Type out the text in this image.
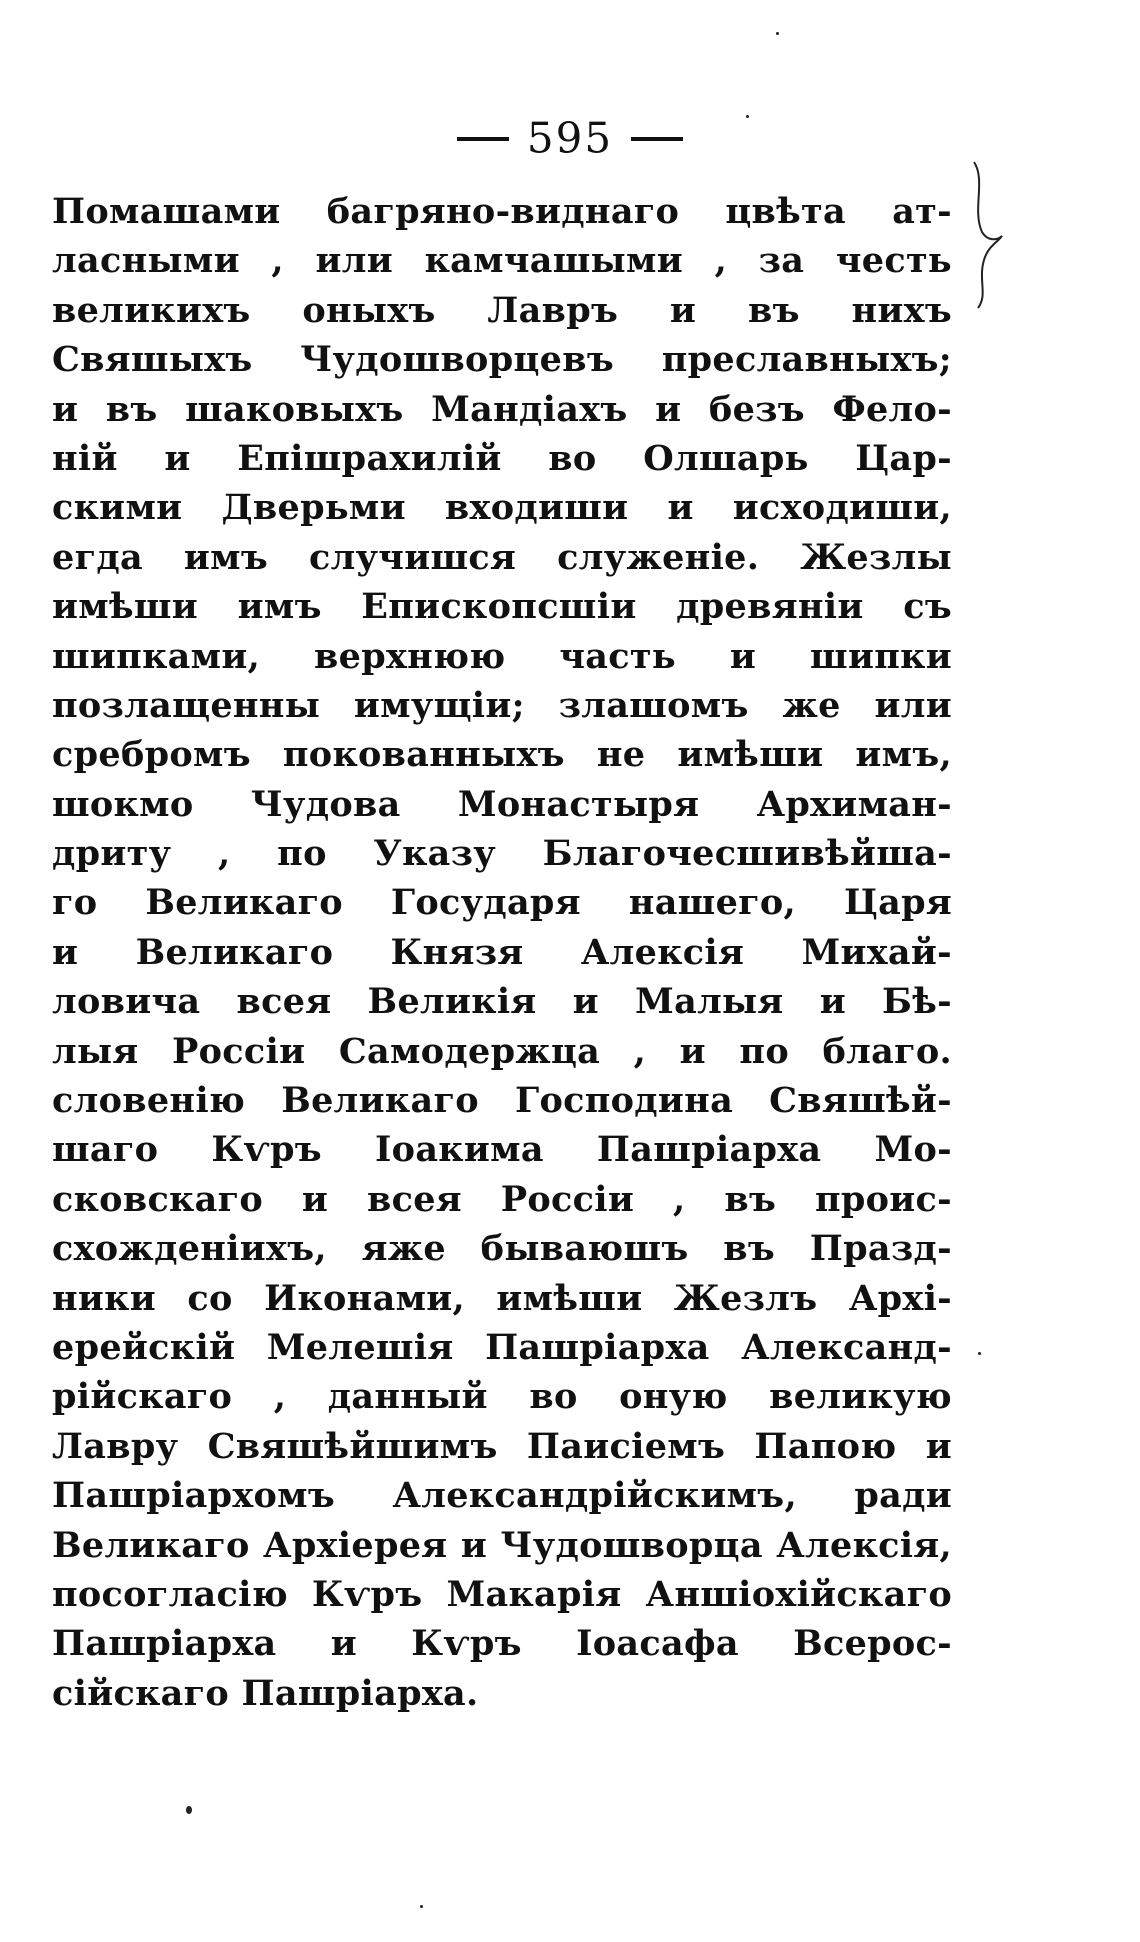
595
Помашами багряно-виднаго цвѣта ат-
ласными , или камчашыми , за честь
великихъ оныхъ Лавръ и въ нихъ
Свяшыхъ Чудошворцевъ преславныхъ;
и въ шаковыхъ Мандіахъ и безъ Фело-
ній и Епішрахилій во Олшарь Цар-
скими Дверьми входиши и исходиши,
егда имъ случишся служеніе. Жезлы
имѣши имъ Епископсшіи древяніи съ
шипками, верхнюю часть и шипки
позлащенны имущіи; злашомъ же или
сребромъ покованныхъ не имѣши имъ,
шокмо Чудова Монастыря Архиман-
дриту , по Указу Благочесшивѣйша-
го Великаго Государя нашего, Царя
и Великаго Князя Алексія Михай-
ловича всея Великія и Малыя и Бѣ-
лыя Россіи Самодержца , и по благо.
словенію Великаго Господина Свяшѣй-
шаго Кѵръ Іоакима Пашріарха Мо-
сковскаго и всея Россіи , въ проис-
схожденіихъ, яже бываюшъ въ Празд-
ники со Иконами, имѣши Жезлъ Архі-
ерейскій Мелешія Пашріарха Александ-
рійскаго , данный во оную великую
Лавру Свяшѣйшимъ Паисіемъ Папою и
Пашріархомъ Александрійскимъ, ради
Великаго Архіерея и Чудошворца Алексія,
посогласію Кѵръ Макарія Аншіохійскаго
Пашріарха и Кѵръ Іоасафа Всерос-
сійскаго Пашріарха.
